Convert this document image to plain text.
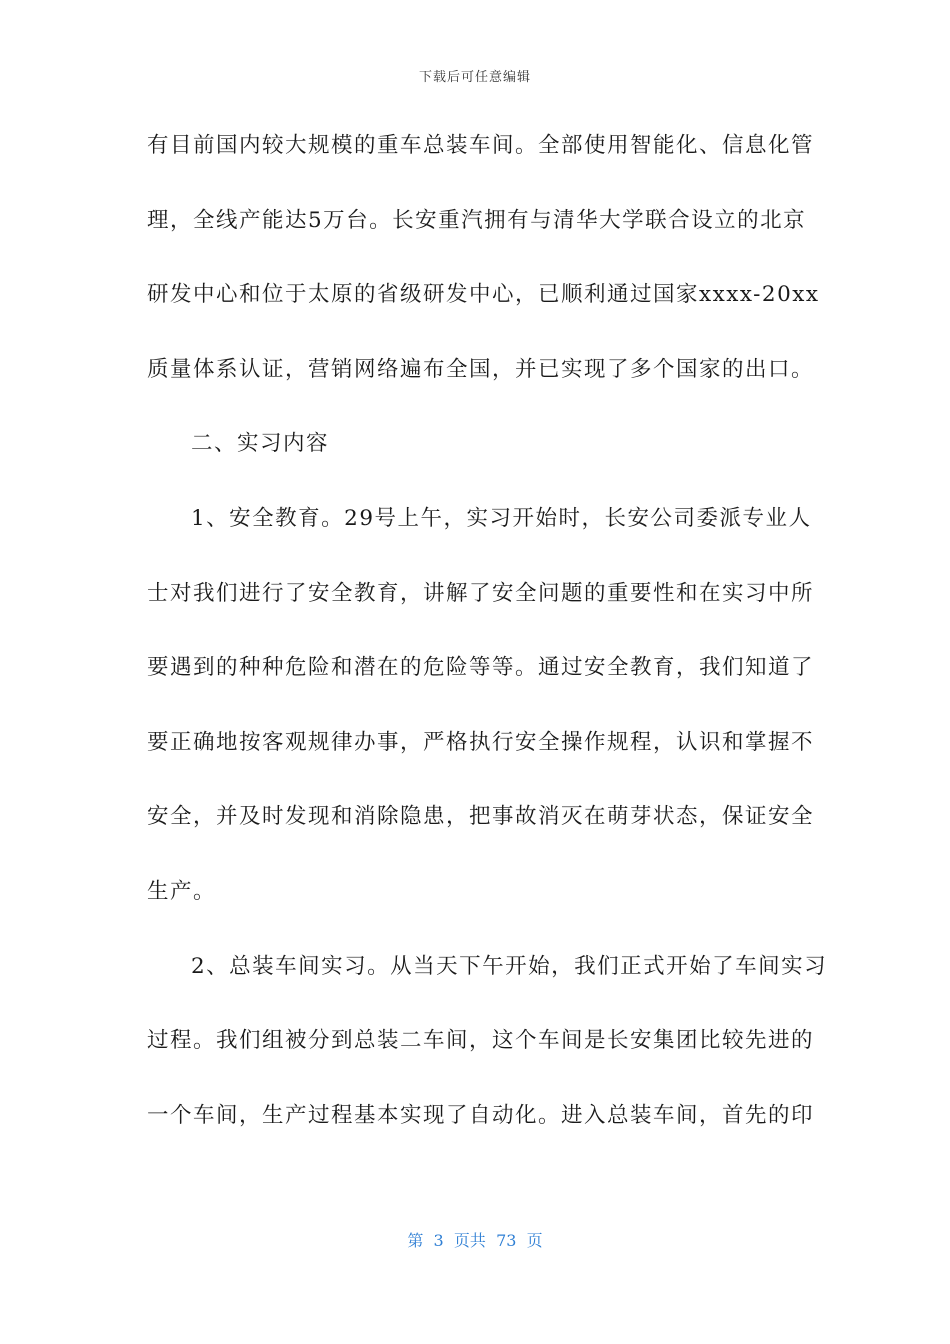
下载后可任意编辑
有目前国内较大规模的重车总装车间。全部使用智能化、信息化管
理，全线产能达5万台。长安重汽拥有与清华大学联合设立的北京
研发中心和位于太原的省级研发中心，已顺利通过国家xxxx-20xx
质量体系认证，营销网络遍布全国，并已实现了多个国家的出口。
二、实习内容
1、安全教育。29号上午，实习开始时，长安公司委派专业人
士对我们进行了安全教育，讲解了安全问题的重要性和在实习中所
要遇到的种种危险和潜在的危险等等。通过安全教育，我们知道了
要正确地按客观规律办事，严格执行安全操作规程，认识和掌握不
安全，并及时发现和消除隐患，把事故消灭在萌芽状态，保证安全
生产。
2、总装车间实习。从当天下午开始，我们正式开始了车间实习
过程。我们组被分到总装二车间，这个车间是长安集团比较先进的
一个车间，生产过程基本实现了自动化。进入总装车间，首先的印
第  3  页共  73  页
